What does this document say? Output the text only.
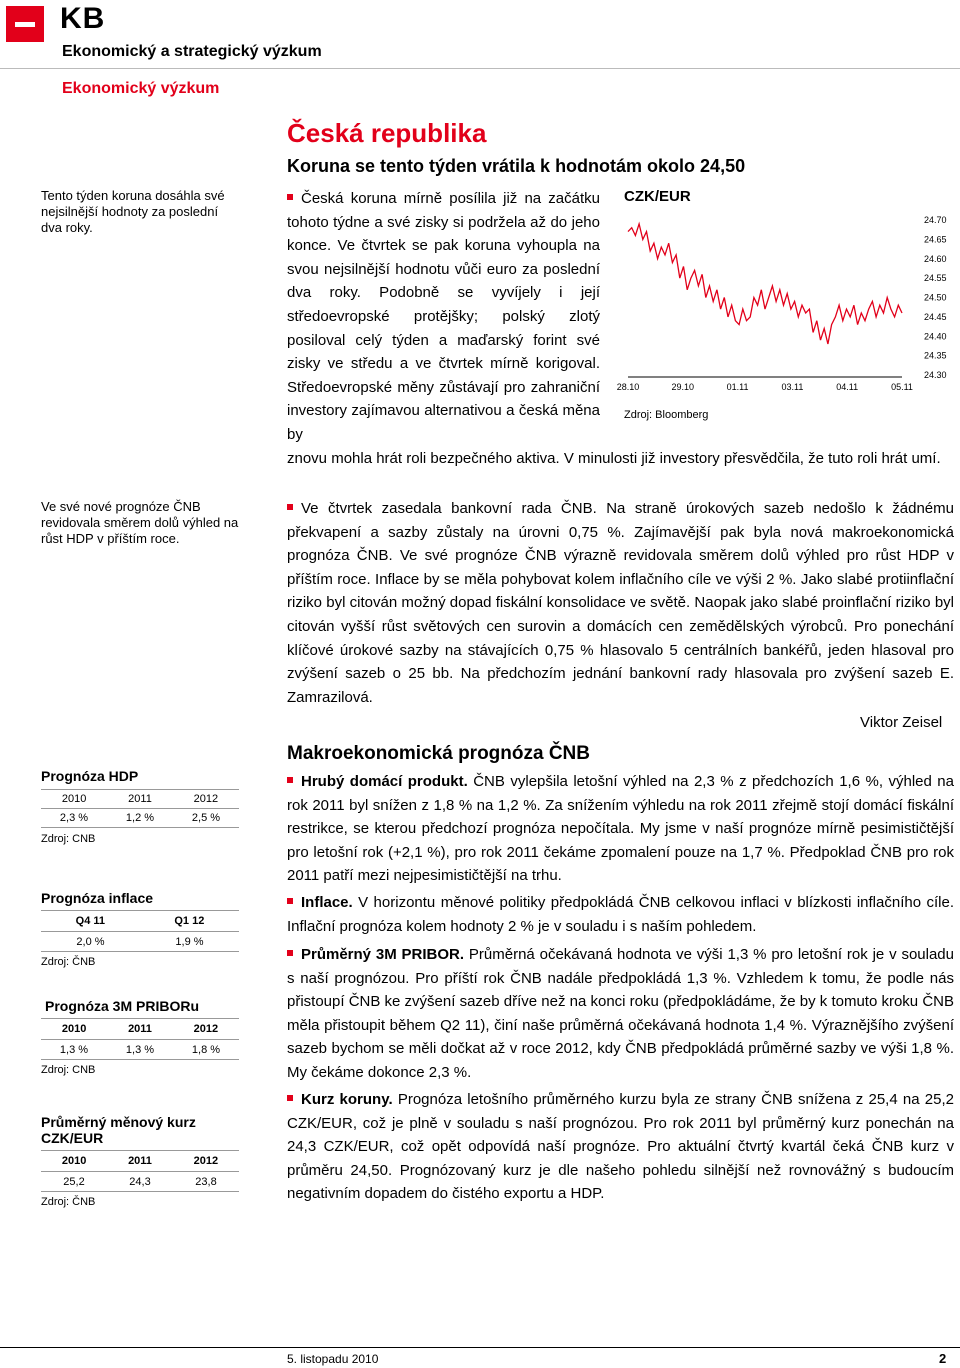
KB
Ekonomický a strategický výzkum
Ekonomický výzkum
Tento týden koruna dosáhla své nejsilnější hodnoty za poslední dva roky.
Ve své nové prognóze ČNB revidovala směrem dolů výhled na růst HDP v příštím roce.
Prognóza HDP
2010	2011	2012
2,3 %	1,2 %	2,5 %
Zdroj: CNB
Prognóza inflace
Q4 11	Q1 12
2,0 %	1,9 %
Zdroj: ČNB
Prognóza 3M PRIBORu
2010	2011	2012
1,3 %	1,3 %	1,8 %
Zdroj: CNB
Průměrný měnový kurz CZK/EUR
2010	2011	2012
25,2	24,3	23,8
Zdroj: ČNB
Česká republika
Koruna se tento týden vrátila k hodnotám okolo 24,50
Česká koruna mírně posílila již na začátku tohoto týdne a své zisky si podržela až do jeho konce. Ve čtvrtek se pak koruna vyhoupla na svou nejsilnější hodnotu vůči euro za poslední dva roky. Podobně se vyvíjely i její středoevropské protějšky; polský zlotý posiloval celý týden a maďarský forint své zisky ve středu a ve čtvrtek mírně korigoval. Středoevropské měny zůstávají pro zahraniční investory zajímavou alternativou a česká měna by
znovu mohla hrát roli bezpečného aktiva. V minulosti již investory přesvědčila, že tuto roli hrát umí.
Ve čtvrtek zasedala bankovní rada ČNB. Na straně úrokových sazeb nedošlo k žádnému překvapení a sazby zůstaly na úrovni 0,75 %. Zajímavější pak byla nová makroekonomická prognóza ČNB. Ve své prognóze ČNB výrazně revidovala směrem dolů výhled pro růst HDP v příštím roce. Inflace by se měla pohybovat kolem inflačního cíle ve výši 2 %. Jako slabé protiinflační riziko byl citován možný dopad fiskální konsolidace ve světě. Naopak jako slabé proinflační riziko byl citován vyšší růst světových cen surovin a domácích cen zemědělských výrobců. Pro ponechání klíčové úrokové sazby na stávajících 0,75 % hlasovalo 5 centrálních bankéřů, jeden hlasoval pro zvýšení sazeb o 25 bb. Na předchozím jednání bankovní rady hlasovala pro zvýšení sazeb E. Zamrazilová.
Viktor Zeisel
Makroekonomická prognóza ČNB
Hrubý domácí produkt. ČNB vylepšila letošní výhled na 2,3 % z předchozích 1,6 %, výhled na rok 2011 byl snížen z 1,8 % na 1,2 %. Za snížením výhledu na rok 2011 zřejmě stojí domácí fiskální restrikce, se kterou předchozí prognóza nepočítala. My jsme v naší prognóze mírně pesimističtější pro letošní rok (+2,1 %), pro rok 2011 čekáme zpomalení pouze na 1,7 %. Předpoklad ČNB pro rok 2011 patří mezi nejpesimističtější na trhu.
Inflace. V horizontu měnové politiky předpokládá ČNB celkovou inflaci v blízkosti inflačního cíle. Inflační prognóza kolem hodnoty 2 % je v souladu i s naším pohledem.
Průměrný 3M PRIBOR. Průměrná očekávaná hodnota ve výši 1,3 % pro letošní rok je v souladu s naší prognózou. Pro příští rok ČNB nadále předpokládá 1,3 %. Vzhledem k tomu, že podle nás přistoupí ČNB ke zvýšení sazeb dříve než na konci roku (předpokládáme, že by k tomuto kroku ČNB měla přistoupit během Q2 11), činí naše průměrná očekávaná hodnota 1,4 %. Výraznějšího zvýšení sazeb bychom se měli dočkat až v roce 2012, kdy ČNB předpokládá průměrné sazby ve výši 1,8 %. My čekáme dokonce 2,3 %.
Kurz koruny. Prognóza letošního průměrného kurzu byla ze strany ČNB snížena z 25,4 na 25,2 CZK/EUR, což je plně v souladu s naší prognózou. Pro rok 2011 byl průměrný kurz ponechán na 24,3 CZK/EUR, což opět odpovídá naší prognóze. Pro aktuální čtvrtý kvartál čeká ČNB kurz v průměru 24,50. Prognózovaný kurz je dle našeho pohledu silnější než rovnovážný s budoucím negativním dopadem do čistého exportu a HDP.
CZK/EUR
24.70
24.65
24.60
24.55
24.50
24.45
24.40
24.35
24.30
28.10	29.10	01.11	03.11	04.11	05.11
Zdroj: Bloomberg
5. listopadu 2010	2
